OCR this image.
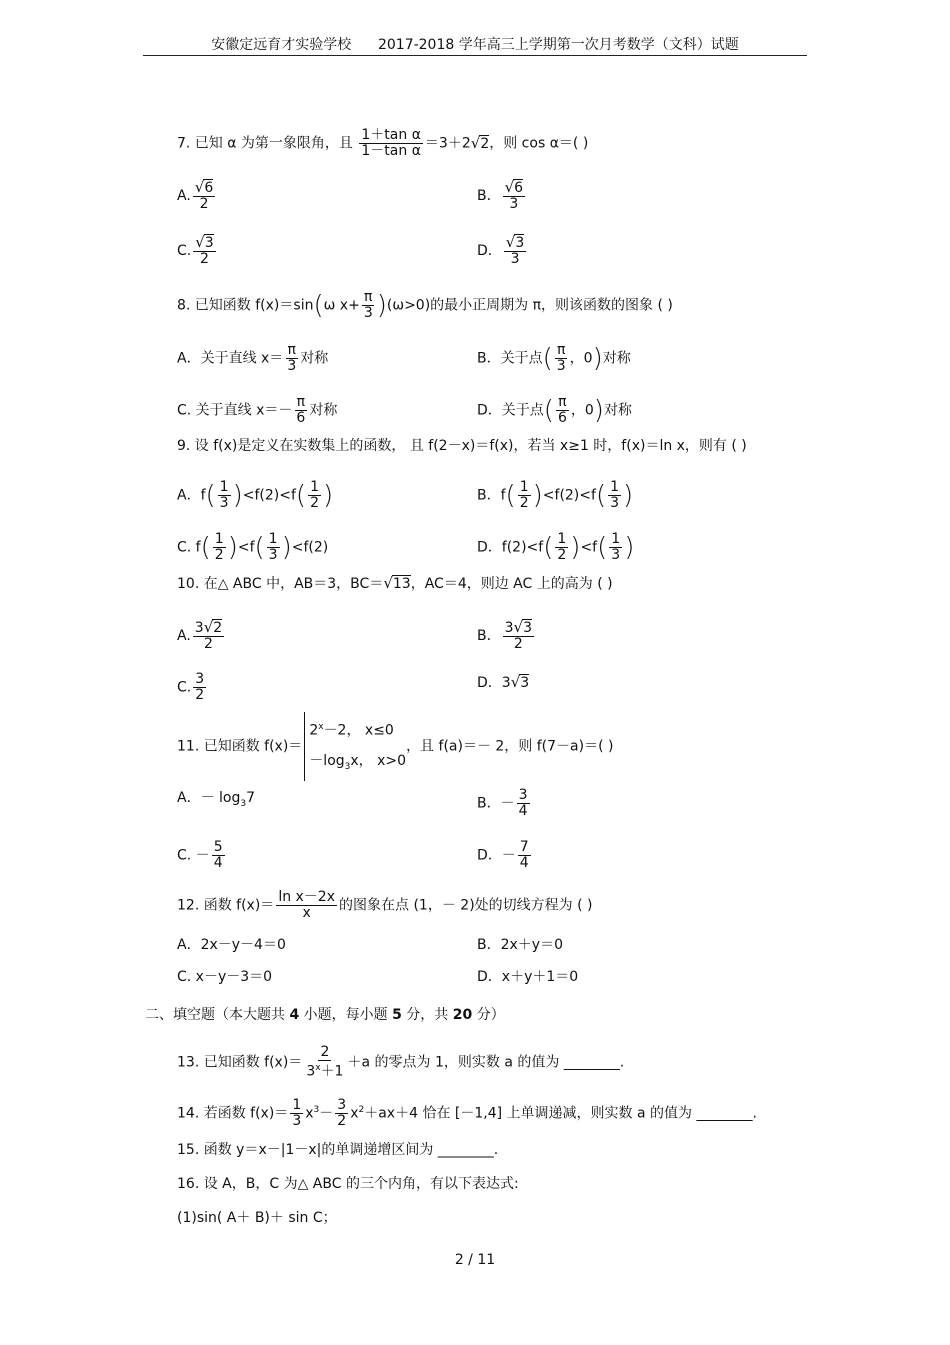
安徽定远育才实验学校      2017-2018 学年高三上学期第一次月考数学（文科）试题
7. 已知 α 为第一象限角，且 $\frac{\text{1＋tan α}}{\text{1－tan α}} =3+2√2$，则 cos α＝( )
A. $\frac{√6}{2}$	B． $\frac{√6}{3}$
C. $\frac{√3}{2}$	D． $\frac{√3}{3}$
8. 已知函数 f(x)＝sin(ω $x+ \frac{\pi}{3} )(\omega>0)$的最小正周期为 π，则该函数的图象 ( )
A．关于直线 $x= \frac{\pi}{3}$ 对称	B．关于点( $\frac{\pi}{3}$ ，0)对称
C. 关于直线 $x=- \frac{\pi}{6}$ 对称	D．关于点( $\frac{\pi}{6}$ ，0)对称
9. 设 f(x)是定义在实数集上的函数， 且 f(2－x)＝f(x)，若当 x≥1 时，f(x)＝ln x，则有 ( )
A．$f( \frac{1}{3} )<f(2)<f( \frac{1}{2}$ )	B．$f( \frac{1}{2} )<f(2)<f( \frac{1}{3}$ )
C. $f( \frac{1}{2} )<f( \frac{1}{3} )<f(2)$	D．$f(2)<f( \frac{1}{2} )<f( \frac{1}{3}$ )
10. 在△ ABC 中，AB＝3，BC＝√13，AC＝4，则边 AC 上的高为 ( )
A. $\frac{3√2}{2}$	B． $\frac{3√3}{2}$
C. $\frac{3}{2}$	D．3√3
11. 已知函数 f(x)＝
$2^x-2$， x≤0
$-\log_3x$， x>0
，且 f(a)＝－ 2，则 f(7－a)＝( )
A．－ $\log_37$	B．－ $\frac{3}{4}$
C. － $\frac{5}{4}$	D．－ $\frac{7}{4}$
12. 函数 $f(x)= \frac{\text{ln x－2x}}{x}$ 的图象在点 (1，－ 2)处的切线方程为 ( )
A．2x－y－4＝0	B．2x＋y＝0
C. x－y－3＝0	D．x＋y＋1＝0
二、填空题（本大题共 4 小题，每小题 5 分，共 20 分）
13. 已知函数 $f(x)= \frac{2}{3^x+1} +a$ 的零点为 1，则实数 a 的值为 ________.
14. 若函数 $f(x)= \frac{1}{3} x^3- \frac{3}{2} x^2+ax+4$ 恰在 [－1,4] 上单调递减，则实数 a 的值为 ________.
15. 函数 y＝x－|1－x|的单调递增区间为 ________.
16. 设 A，B，C 为△ ABC 的三个内角，有以下表达式:
(1)sin( A＋ B)＋ sin C；
2 / 11
